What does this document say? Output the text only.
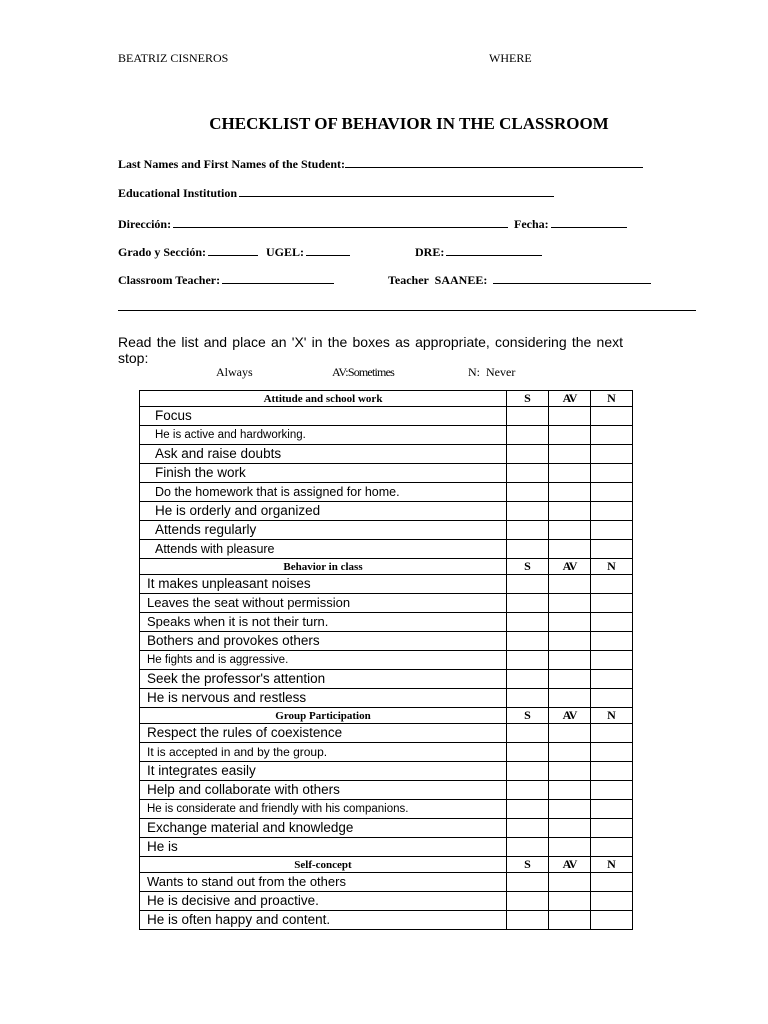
BEATRIZ CISNEROS	WHERE
CHECKLIST OF BEHAVIOR IN THE CLASSROOM
Last Names and First Names of the Student:
Educational Institution
Dirección:	Fecha:
Grado y Sección:	UGEL:	DRE:
Classroom Teacher:	Teacher  SAANEE:
Read the list and place an 'X' in the boxes as appropriate, considering the next stop:
Always	AV:Sometimes	N:  Never
Attitude and school work	S	AV	N

Focus			

He is active and hardworking.			

Ask and raise doubts			

Finish the work			

Do the homework that is assigned for home.			

He is orderly and organized			

Attends regularly			

Attends with pleasure			

Behavior in class	S	AV	N

It makes unpleasant noises			

Leaves the seat without permission			

Speaks when it is not their turn.			

Bothers and provokes others			

He fights and is aggressive.			

Seek the professor's attention			

He is nervous and restless			

Group Participation	S	AV	N

Respect the rules of coexistence			

It is accepted in and by the group.			

It integrates easily			

Help and collaborate with others			

He is considerate and friendly with his companions.			

Exchange material and knowledge			

He is			

Self-concept	S	AV	N

Wants to stand out from the others			

He is decisive and proactive.			

He is often happy and content.			
